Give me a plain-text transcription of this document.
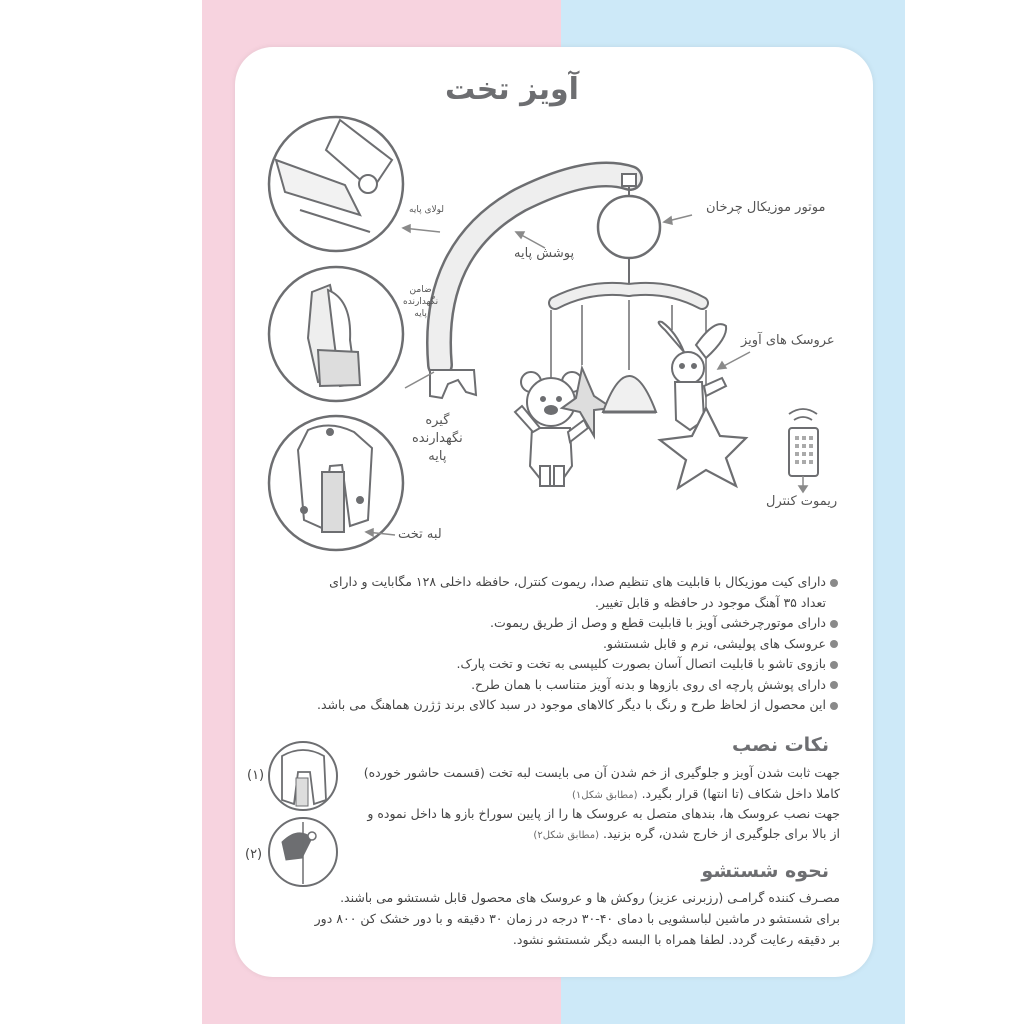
آویز تخت
موتور موزیکال چرخان
پوشش پایه
لولای پایه
ضامن
نگهدارنده
پایه
عروسک های آویز
گیره
نگهدارنده
پایه
ریموت کنترل
لبه تخت
دارای کیت موزیکال با قابلیت های تنظیم صدا، ریموت کنترل، حافظه داخلی ۱۲۸ مگابایت و دارای
تعداد ۳۵ آهنگ موجود در حافظه و قابل تغییر.
دارای موتورچرخشی آویز با قابلیت قطع و وصل از طریق ریموت.
عروسک های پولیشی، نرم و قابل شستشو.
بازوی تاشو با قابلیت اتصال آسان بصورت کلیپسی به تخت و تخت پارک.
دارای پوشش پارچه ای روی بازوها و بدنه آویز متناسب با همان طرح.
این محصول از لحاظ طرح و رنگ با دیگر کالاهای موجود در سبد کالای برند ژژرن هماهنگ می باشد.
نکات نصب
(۱)
(۲)
جهت ثابت شدن آویز و جلوگیری از خم شدن آن می بایست لبه تخت (قسمت حاشور خورده)
کاملا داخل شکاف (تا انتها) قرار بگیرد. (مطابق شکل۱)
جهت نصب عروسک ها، بندهای متصل به عروسک ها را از پایین سوراخ بازو ها داخل نموده و
از بالا برای جلوگیری از خارج شدن، گره بزنید. (مطابق شکل۲)
نحوه شستشو
مصـرف کننده گرامـی (رزبرنی عزیز) روکش ها و عروسک های محصول قابل شستشو می باشند.
برای شستشو در ماشین لباسشویی با دمای ۴۰-۳۰ درجه در زمان ۳۰ دقیقه و با دور خشک کن ۸۰۰ دور
بر دقیقه رعایت گردد. لطفا همراه با البسه دیگر شستشو نشود.
